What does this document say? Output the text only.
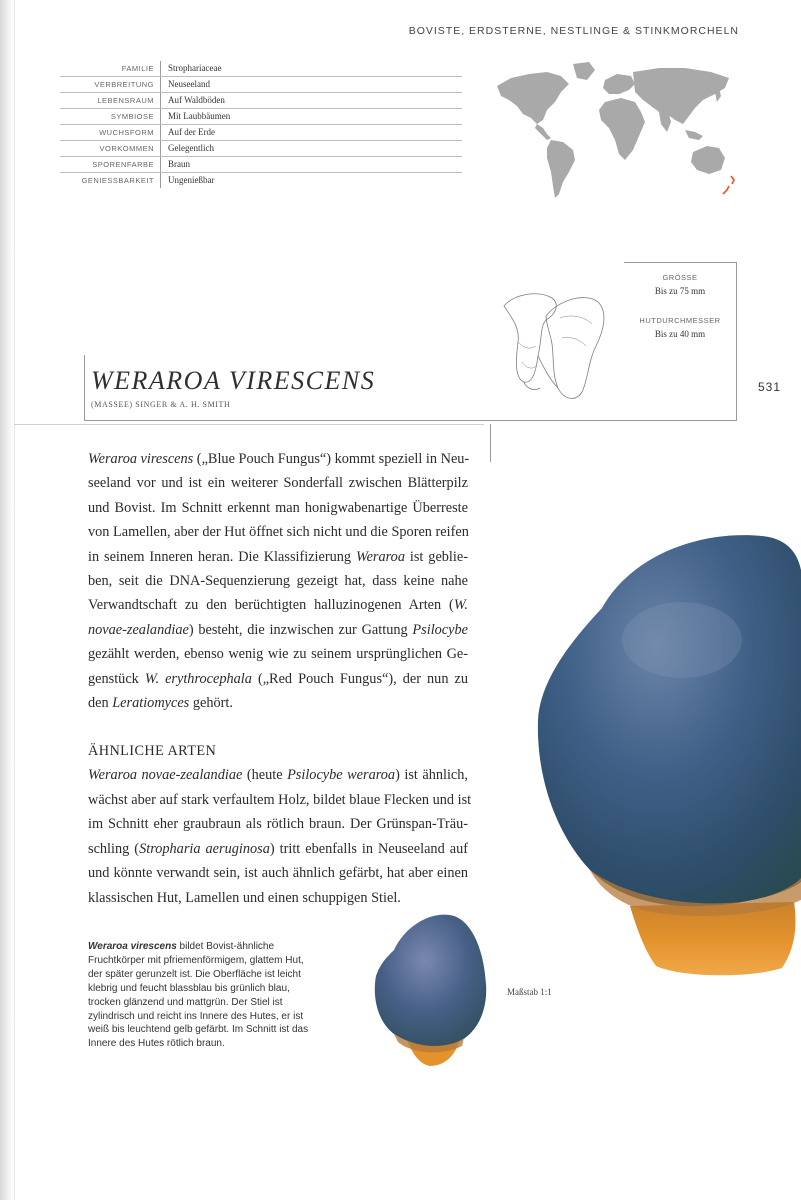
BOVISTE, ERDSTERNE, NESTLINGE & STINKMORCHELN
FAMILIE	Strophariaceae
VERBREITUNG	Neuseeland
LEBENSRAUM	Auf Waldböden
SYMBIOSE	Mit Laubbäumen
WUCHSFORM	Auf der Erde
VORKOMMEN	Gelegentlich
SPORENFARBE	Braun
GENIESSBARKEIT	Ungenießbar
GRÖSSE
Bis zu 75 mm
HUTDURCHMESSER
Bis zu 40 mm
WERAROA VIRESCENS
(MASSEE) SINGER & A. H. SMITH
531

Weraroa virescens („Blue Pouch Fungus“) kommt speziell in Neu-
seeland vor und ist ein weiterer Sonderfall zwischen Blätterpilz
und Bovist. Im Schnitt erkennt man honigwabenartige Überreste
von Lamellen, aber der Hut öffnet sich nicht und die Sporen reifen
in seinem Inneren heran. Die Klassifizierung Weraroa ist geblie-
ben, seit die DNA-Sequenzierung gezeigt hat, dass keine nahe
Verwandtschaft zu den berüchtigten halluzinogenen Arten (W.
novae-zealandiae) besteht, die inzwischen zur Gattung Psilocybe
gezählt werden, ebenso wenig wie zu seinem ursprünglichen Ge-
genstück W. erythrocephala („Red Pouch Fungus“), der nun zu
den Leratiomyces gehört.

ÄHNLICHE ARTEN

Weraroa novae-zealandiae (heute Psilocybe weraroa) ist ähnlich,
wächst aber auf stark verfaultem Holz, bildet blaue Flecken und ist
im Schnitt eher graubraun als rötlich braun. Der Grünspan-Träu-
schling (Stropharia aeruginosa) tritt ebenfalls in Neuseeland auf
und könnte verwandt sein, ist auch ähnlich gefärbt, hat aber einen
klassischen Hut, Lamellen und einen schuppigen Stiel.

Weraroa virescens bildet Bovist-ähnliche
Fruchtkörper mit pfriemenförmigem, glattem Hut,
der später gerunzelt ist. Die Oberfläche ist leicht
klebrig und feucht blassblau bis grünlich blau,
trocken glänzend und mattgrün. Der Stiel ist
zylindrisch und reicht ins Innere des Hutes, er ist
weiß bis leuchtend gelb gefärbt. Im Schnitt ist das
Innere des Hutes rötlich braun.
Maßstab 1:1
